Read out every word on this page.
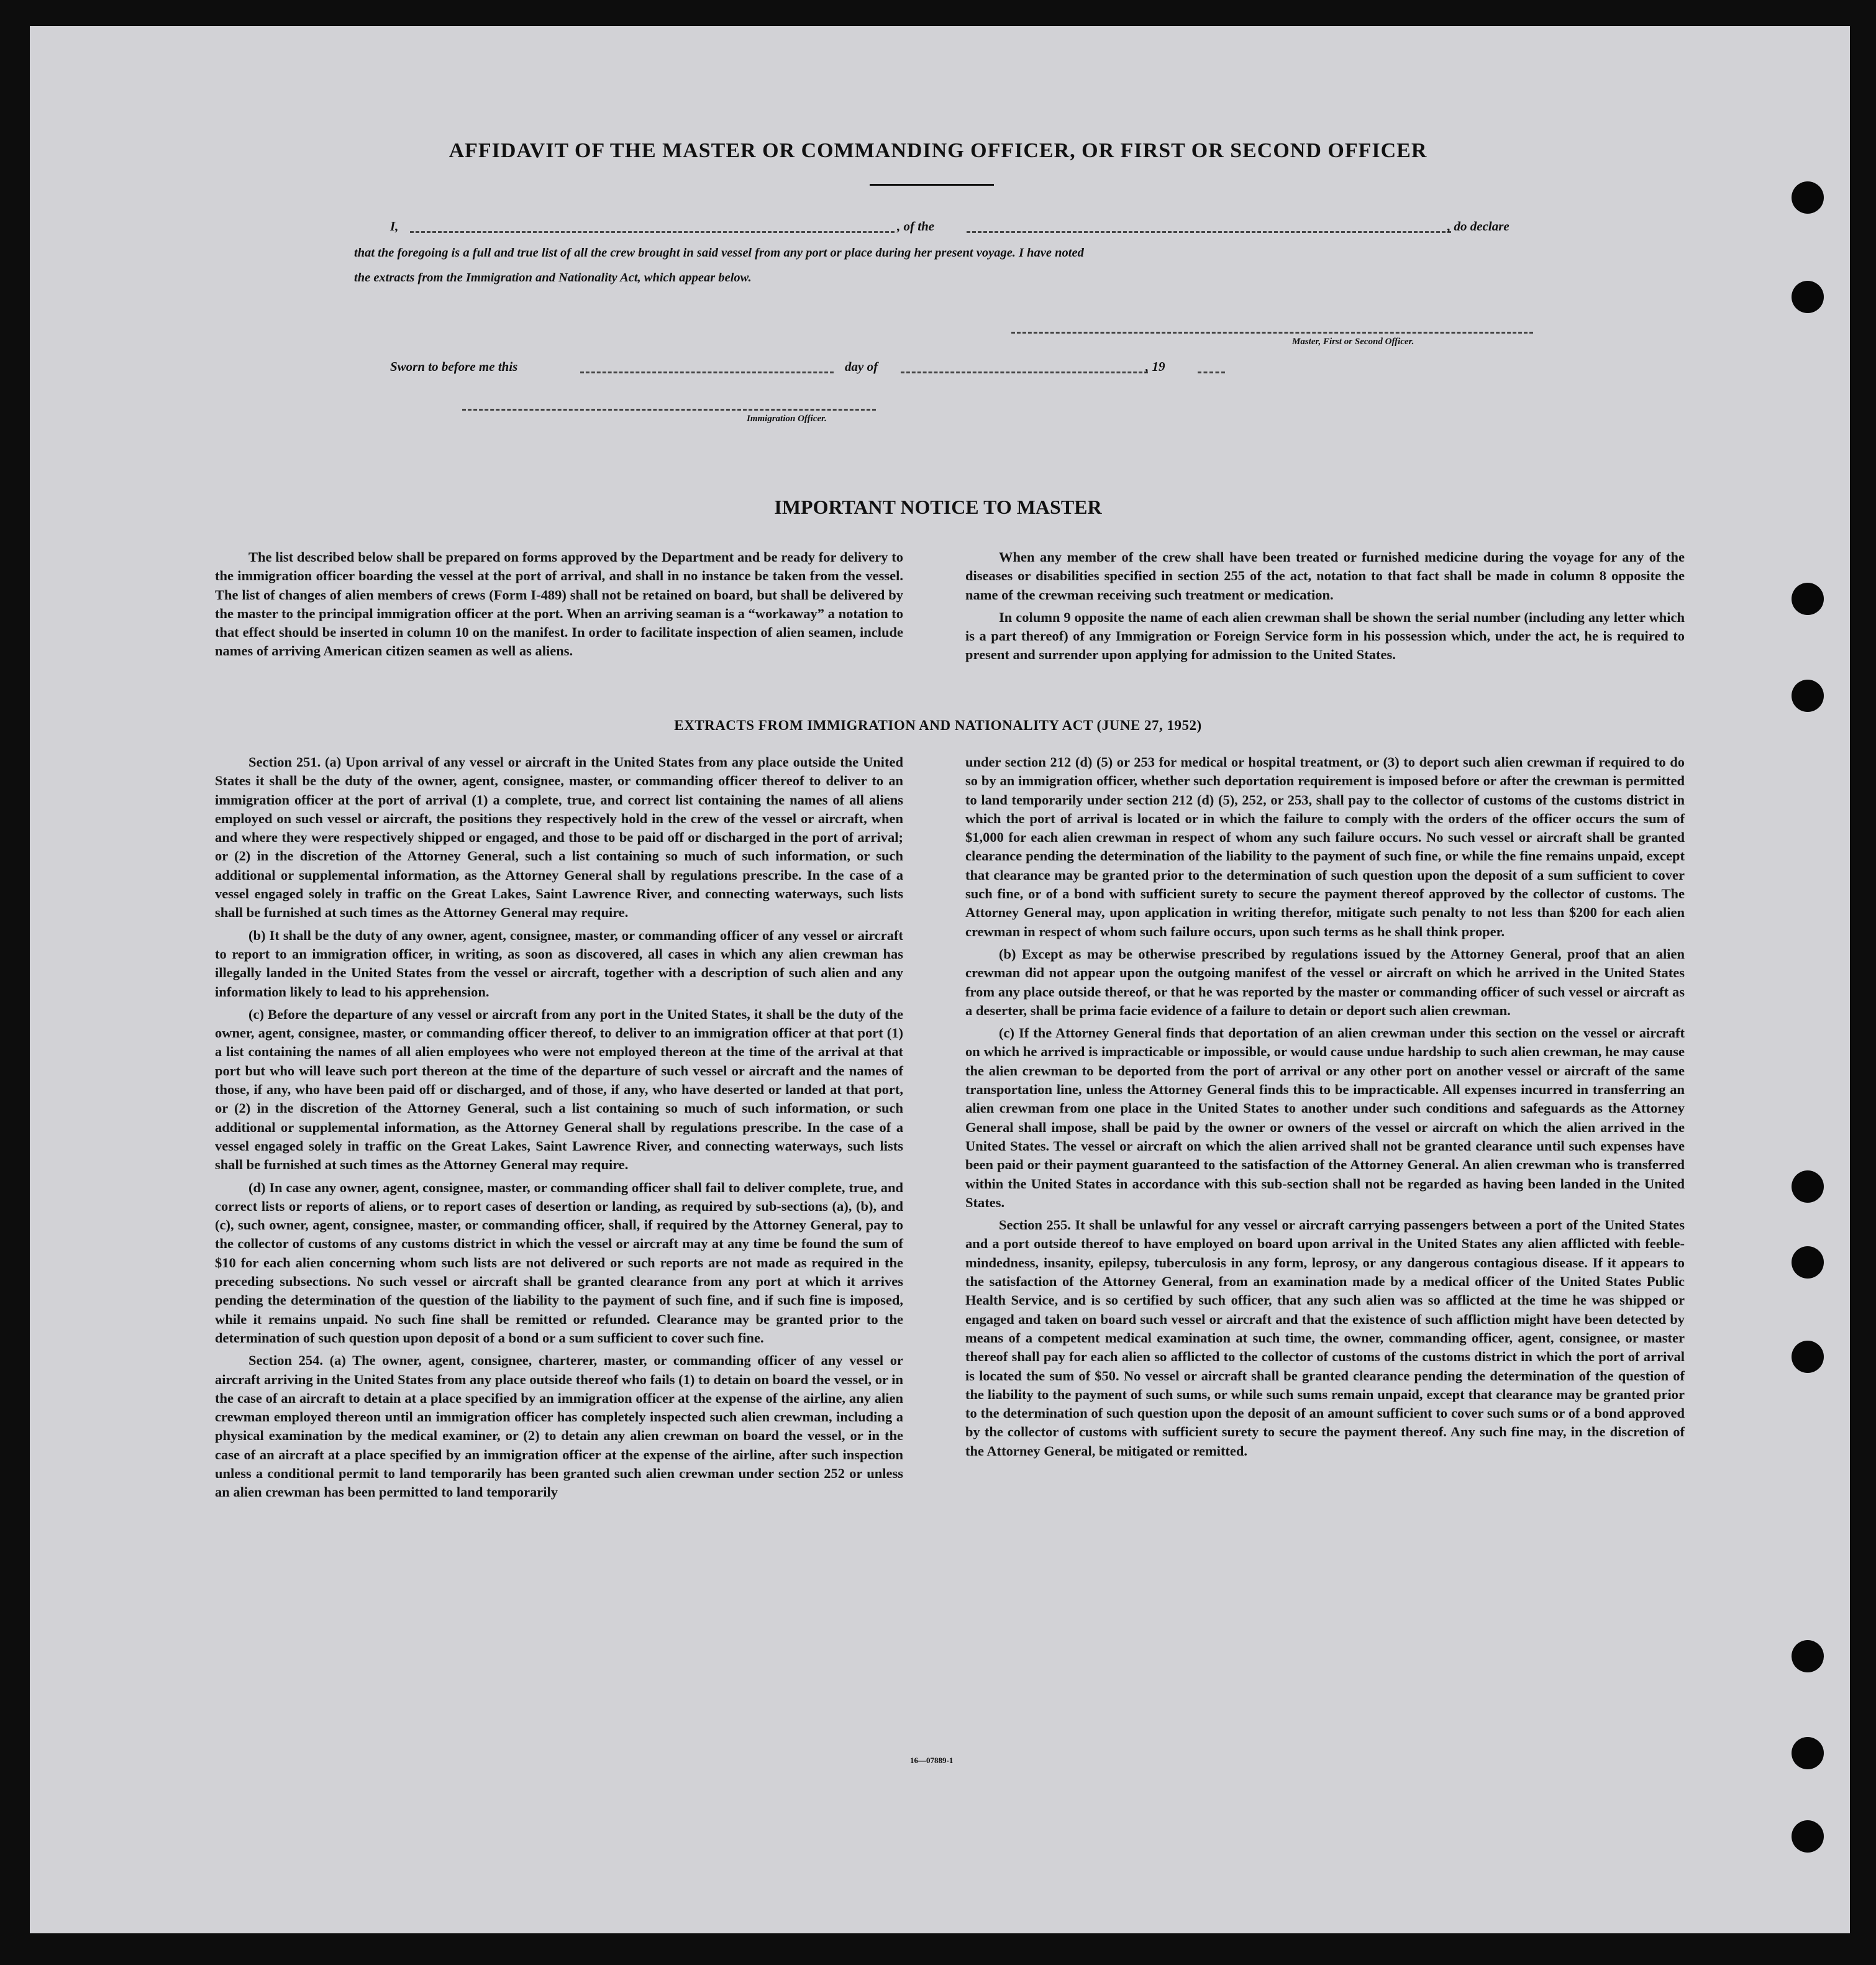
AFFIDAVIT OF THE MASTER OR COMMANDING OFFICER, OR FIRST OR SECOND OFFICER
I,	, of the	, do declare
that the foregoing is a full and true list of all the crew brought in said vessel from any port or place during her present voyage. I have noted
the extracts from the Immigration and Nationality Act, which appear below.
Master, First or Second Officer.
Sworn to before me this	day of	, 19
Immigration Officer.
IMPORTANT NOTICE TO MASTER

The list described below shall be prepared on forms approved by the Department and be ready for delivery to the immigration officer boarding the vessel at the port of arrival, and shall in no instance be taken from the vessel. The list of changes of alien members of crews (Form I-489) shall not be retained on board, but shall be delivered by the master to the principal immigration officer at the port. When an arriving seaman is a “workaway” a notation to that effect should be inserted in column 10 on the manifest. In order to facilitate inspection of alien seamen, include names of arriving American citizen seamen as well as aliens.

When any member of the crew shall have been treated or furnished medicine during the voyage for any of the diseases or disabilities specified in section 255 of the act, notation to that fact shall be made in column 8 opposite the name of the crewman receiving such treatment or medication.

In column 9 opposite the name of each alien crewman shall be shown the serial number (including any letter which is a part thereof) of any Immigration or Foreign Service form in his possession which, under the act, he is required to present and surrender upon applying for admission to the United States.

EXTRACTS FROM IMMIGRATION AND NATIONALITY ACT (JUNE 27, 1952)

Section 251. (a) Upon arrival of any vessel or aircraft in the United States from any place outside the United States it shall be the duty of the owner, agent, consignee, master, or commanding officer thereof to deliver to an immigration officer at the port of arrival (1) a complete, true, and correct list containing the names of all aliens employed on such vessel or aircraft, the positions they respectively hold in the crew of the vessel or aircraft, when and where they were respectively shipped or engaged, and those to be paid off or discharged in the port of arrival; or (2) in the discretion of the Attorney General, such a list containing so much of such information, or such additional or supplemental information, as the Attorney General shall by regulations prescribe. In the case of a vessel engaged solely in traffic on the Great Lakes, Saint Lawrence River, and connecting waterways, such lists shall be furnished at such times as the Attorney General may require.

(b) It shall be the duty of any owner, agent, consignee, master, or commanding officer of any vessel or aircraft to report to an immigration officer, in writing, as soon as discovered, all cases in which any alien crewman has illegally landed in the United States from the vessel or aircraft, together with a description of such alien and any information likely to lead to his apprehension.

(c) Before the departure of any vessel or aircraft from any port in the United States, it shall be the duty of the owner, agent, consignee, master, or commanding officer thereof, to deliver to an immigration officer at that port (1) a list containing the names of all alien employees who were not employed thereon at the time of the arrival at that port but who will leave such port thereon at the time of the departure of such vessel or aircraft and the names of those, if any, who have been paid off or discharged, and of those, if any, who have deserted or landed at that port, or (2) in the discretion of the Attorney General, such a list containing so much of such information, or such additional or supplemental information, as the Attorney General shall by regulations prescribe. In the case of a vessel engaged solely in traffic on the Great Lakes, Saint Lawrence River, and connecting waterways, such lists shall be furnished at such times as the Attorney General may require.

(d) In case any owner, agent, consignee, master, or commanding officer shall fail to deliver complete, true, and correct lists or reports of aliens, or to report cases of desertion or landing, as required by sub-sections (a), (b), and (c), such owner, agent, consignee, master, or commanding officer, shall, if required by the Attorney General, pay to the collector of customs of any customs district in which the vessel or aircraft may at any time be found the sum of $10 for each alien concerning whom such lists are not delivered or such reports are not made as required in the preceding subsections. No such vessel or aircraft shall be granted clearance from any port at which it arrives pending the determination of the question of the liability to the payment of such fine, and if such fine is imposed, while it remains unpaid. No such fine shall be remitted or refunded. Clearance may be granted prior to the determination of such question upon deposit of a bond or a sum sufficient to cover such fine.

Section 254. (a) The owner, agent, consignee, charterer, master, or commanding officer of any vessel or aircraft arriving in the United States from any place outside thereof who fails (1) to detain on board the vessel, or in the case of an aircraft to detain at a place specified by an immigration officer at the expense of the airline, any alien crewman employed thereon until an immigration officer has completely inspected such alien crewman, including a physical examination by the medical examiner, or (2) to detain any alien crewman on board the vessel, or in the case of an aircraft at a place specified by an immigration officer at the expense of the airline, after such inspection unless a conditional permit to land temporarily has been granted such alien crewman under section 252 or unless an alien crewman has been permitted to land temporarily

under section 212 (d) (5) or 253 for medical or hospital treatment, or (3) to deport such alien crewman if required to do so by an immigration officer, whether such deportation requirement is imposed before or after the crewman is permitted to land temporarily under section 212 (d) (5), 252, or 253, shall pay to the collector of customs of the customs district in which the port of arrival is located or in which the failure to comply with the orders of the officer occurs the sum of $1,000 for each alien crewman in respect of whom any such failure occurs. No such vessel or aircraft shall be granted clearance pending the determination of the liability to the payment of such fine, or while the fine remains unpaid, except that clearance may be granted prior to the determination of such question upon the deposit of a sum sufficient to cover such fine, or of a bond with sufficient surety to secure the payment thereof approved by the collector of customs. The Attorney General may, upon application in writing therefor, mitigate such penalty to not less than $200 for each alien crewman in respect of whom such failure occurs, upon such terms as he shall think proper.

(b) Except as may be otherwise prescribed by regulations issued by the Attorney General, proof that an alien crewman did not appear upon the outgoing manifest of the vessel or aircraft on which he arrived in the United States from any place outside thereof, or that he was reported by the master or commanding officer of such vessel or aircraft as a deserter, shall be prima facie evidence of a failure to detain or deport such alien crewman.

(c) If the Attorney General finds that deportation of an alien crewman under this section on the vessel or aircraft on which he arrived is impracticable or impossible, or would cause undue hardship to such alien crewman, he may cause the alien crewman to be deported from the port of arrival or any other port on another vessel or aircraft of the same transportation line, unless the Attorney General finds this to be impracticable. All expenses incurred in transferring an alien crewman from one place in the United States to another under such conditions and safeguards as the Attorney General shall impose, shall be paid by the owner or owners of the vessel or aircraft on which the alien arrived in the United States. The vessel or aircraft on which the alien arrived shall not be granted clearance until such expenses have been paid or their payment guaranteed to the satisfaction of the Attorney General. An alien crewman who is transferred within the United States in accordance with this sub-section shall not be regarded as having been landed in the United States.

Section 255. It shall be unlawful for any vessel or aircraft carrying passengers between a port of the United States and a port outside thereof to have employed on board upon arrival in the United States any alien afflicted with feeble-mindedness, insanity, epilepsy, tuberculosis in any form, leprosy, or any dangerous contagious disease. If it appears to the satisfaction of the Attorney General, from an examination made by a medical officer of the United States Public Health Service, and is so certified by such officer, that any such alien was so afflicted at the time he was shipped or engaged and taken on board such vessel or aircraft and that the existence of such affliction might have been detected by means of a competent medical examination at such time, the owner, commanding officer, agent, consignee, or master thereof shall pay for each alien so afflicted to the collector of customs of the customs district in which the port of arrival is located the sum of $50. No vessel or aircraft shall be granted clearance pending the determination of the question of the liability to the payment of such sums, or while such sums remain unpaid, except that clearance may be granted prior to the determination of such question upon the deposit of an amount sufficient to cover such sums or of a bond approved by the collector of customs with sufficient surety to secure the payment thereof. Any such fine may, in the discretion of the Attorney General, be mitigated or remitted.

16—07889-1
